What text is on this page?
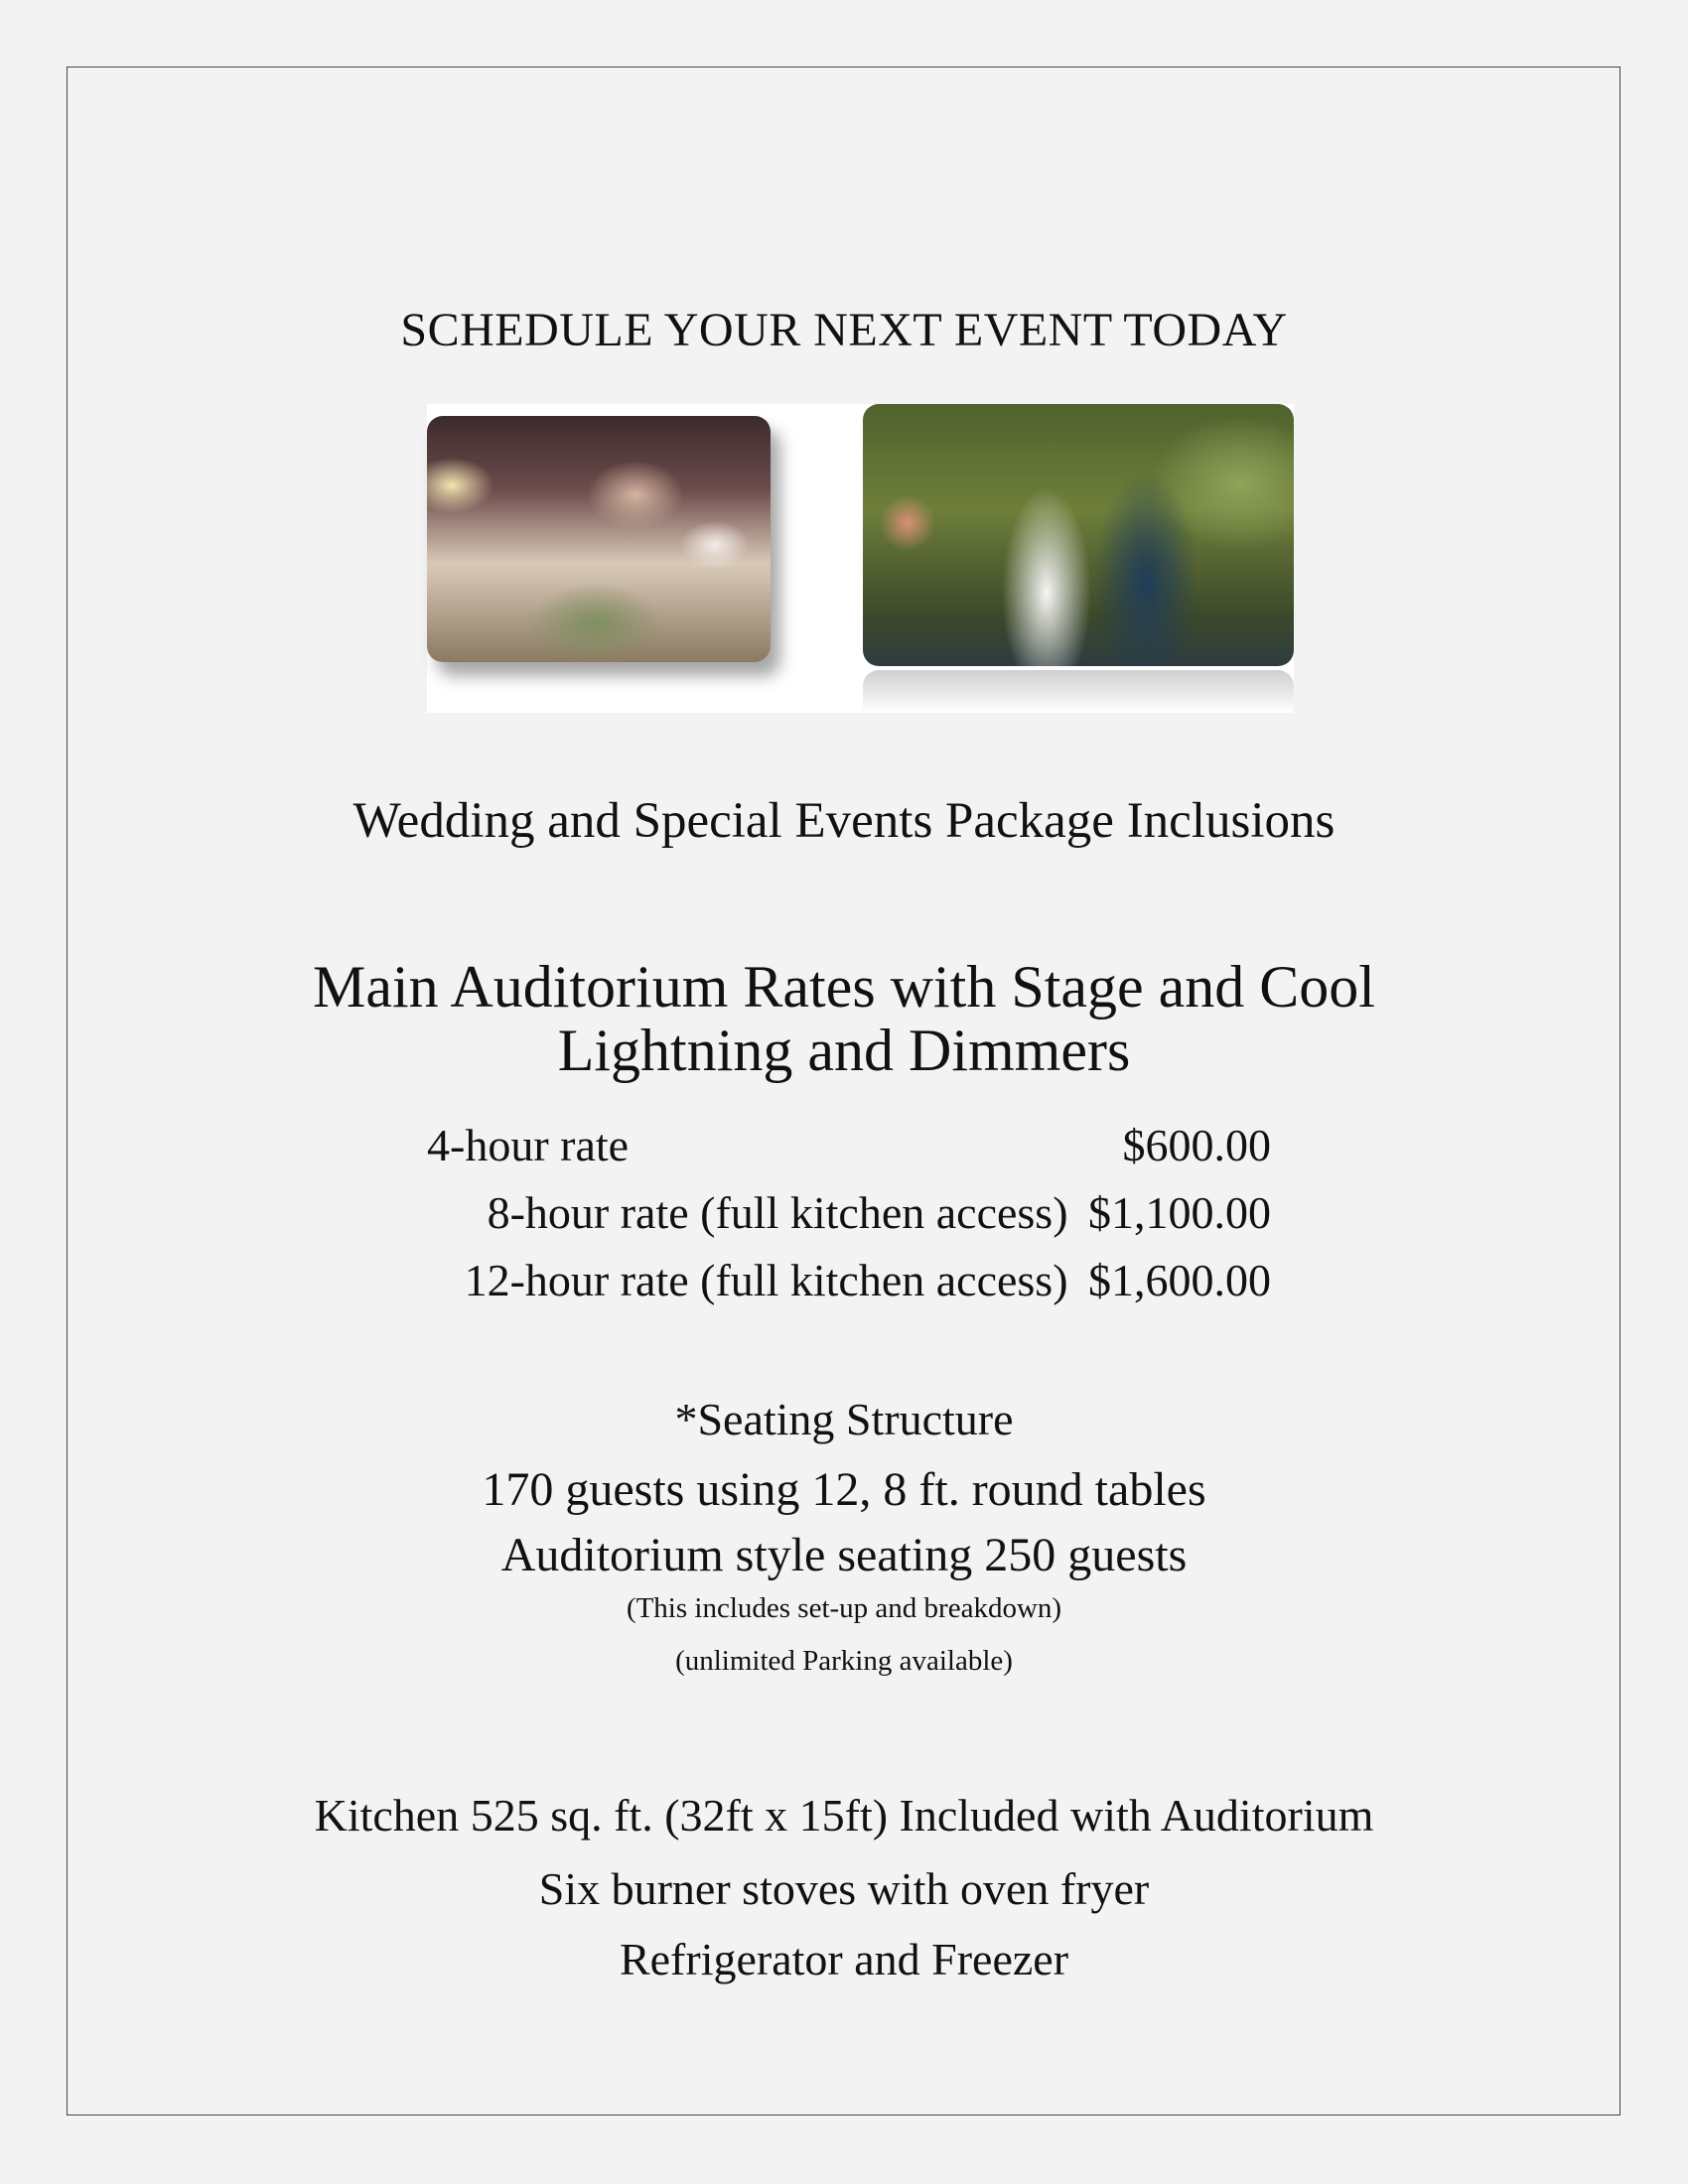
SCHEDULE YOUR NEXT EVENT TODAY
Wedding and Special Events Package Inclusions
Main Auditorium Rates with Stage and Cool
Lightning and Dimmers
4-hour rate	$600.00
8-hour rate (full kitchen access)	$1,100.00
12-hour rate (full kitchen access)	$1,600.00

*Seating Structure

170 guests using 12, 8 ft. round tables

Auditorium style seating 250 guests

(This includes set-up and breakdown)

(unlimited Parking available)

Kitchen 525 sq. ft. (32ft x 15ft) Included with Auditorium

Six burner stoves with oven fryer

Refrigerator and Freezer
